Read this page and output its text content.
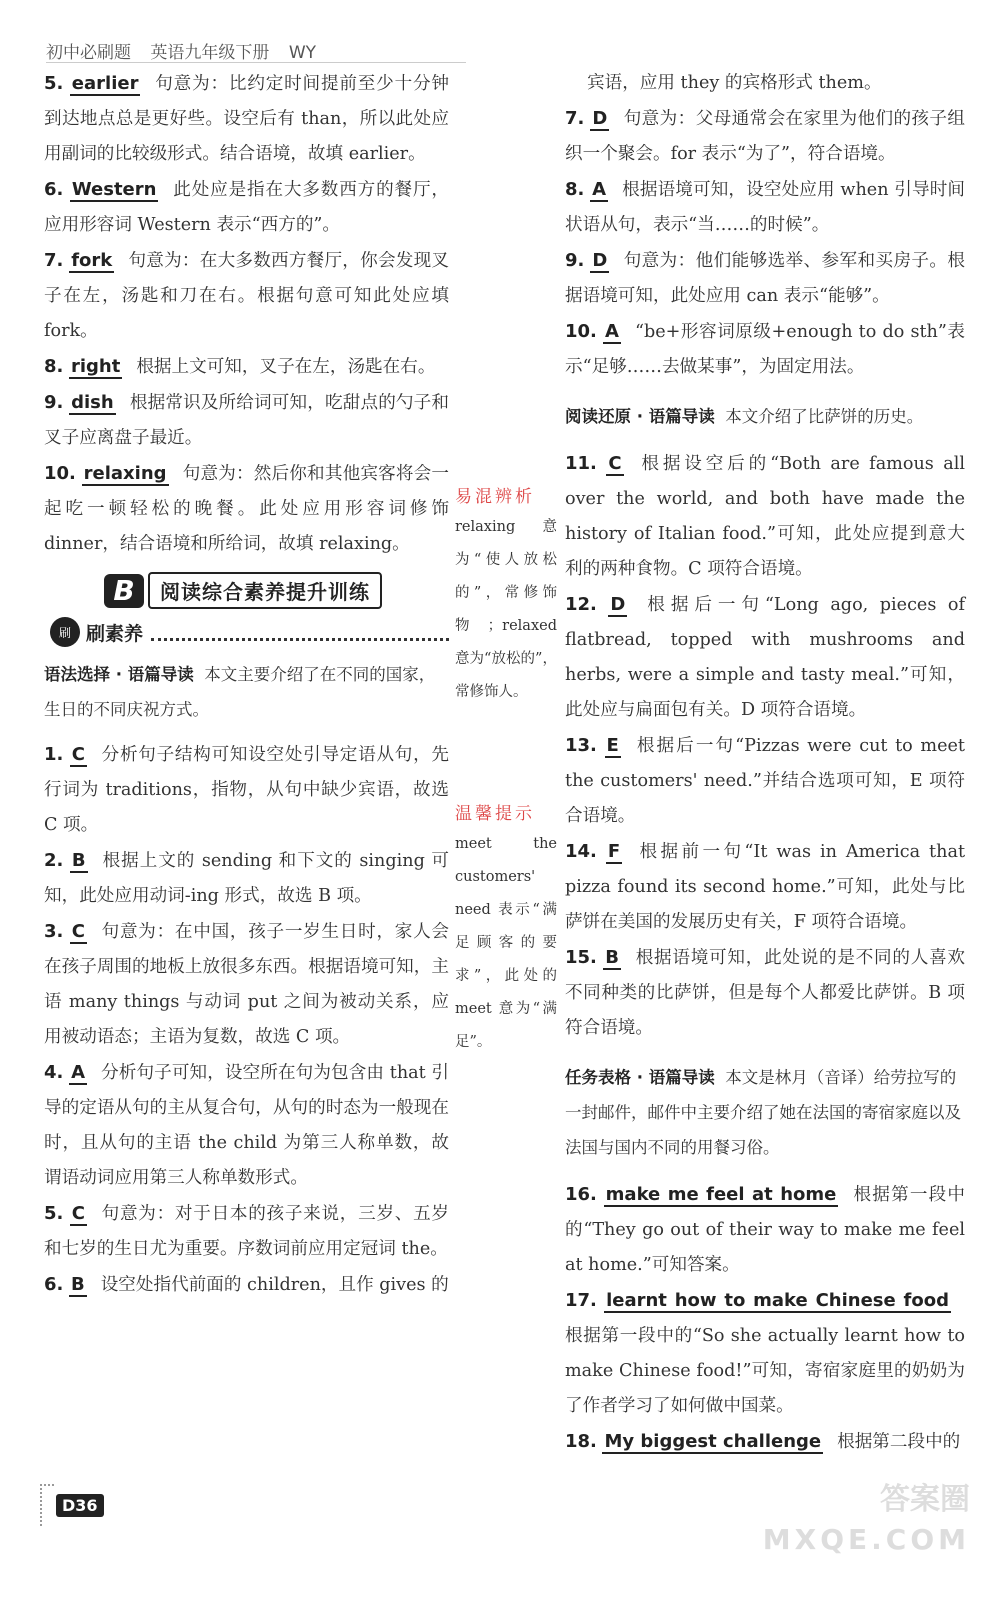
初中必刷题 英语九年级下册 WY
5. earlier 句意为：比约定时间提前至少十分钟到达地点总是更好些。设空后有 than，所以此处应用副词的比较级形式。结合语境，故填 earlier。
6. Western 此处应是指在大多数西方的餐厅，应用形容词 Western 表示“西方的”。
7. fork 句意为：在大多数西方餐厅，你会发现叉子在左，汤匙和刀在右。根据句意可知此处应填 fork。
8. right 根据上文可知，叉子在左，汤匙在右。
9. dish 根据常识及所给词可知，吃甜点的勺子和叉子应离盘子最近。
10. relaxing 句意为：然后你和其他宾客将会一起吃一顿轻松的晚餐。此处应用形容词修饰 dinner，结合语境和所给词，故填 relaxing。
B	阅读综合素养提升训练
刷 刷素养
语法选择 · 语篇导读 本文主要介绍了在不同的国家，生日的不同庆祝方式。
1. C 分析句子结构可知设空处引导定语从句，先行词为 traditions，指物，从句中缺少宾语，故选 C 项。
2. B 根据上文的 sending 和下文的 singing 可知，此处应用动词-ing 形式，故选 B 项。
3. C 句意为：在中国，孩子一岁生日时，家人会在孩子周围的地板上放很多东西。根据语境可知，主语 many things 与动词 put 之间为被动关系，应用被动语态；主语为复数，故选 C 项。
4. A 分析句子可知，设空所在句为包含由 that 引导的定语从句的主从复合句，从句的时态为一般现在时，且从句的主语 the child 为第三人称单数，故谓语动词应用第三人称单数形式。
5. C 句意为：对于日本的孩子来说，三岁、五岁和七岁的生日尤为重要。序数词前应用定冠词 the。
6. B 设空处指代前面的 children，且作 gives 的
易混辨析
relaxing 意为“使人放松的”，常修饰物；relaxed 意为“放松的”，常修饰人。
温馨提示
meet the customers' need 表示“满足顾客的要求”，此处的 meet 意为“满足”。
宾语，应用 they 的宾格形式 them。
7. D 句意为：父母通常会在家里为他们的孩子组织一个聚会。for 表示“为了”，符合语境。
8. A 根据语境可知，设空处应用 when 引导时间状语从句，表示“当……的时候”。
9. D 句意为：他们能够选举、参军和买房子。根据语境可知，此处应用 can 表示“能够”。
10. A “be+形容词原级+enough to do sth”表示“足够……去做某事”，为固定用法。
阅读还原 · 语篇导读 本文介绍了比萨饼的历史。
11. C 根据设空后的“Both are famous all over the world, and both have made the history of Italian food.”可知，此处应提到意大利的两种食物。C 项符合语境。
12. D 根据后一句“Long ago, pieces of flatbread, topped with mushrooms and herbs, were a simple and tasty meal.”可知，此处应与扁面包有关。D 项符合语境。
13. E 根据后一句“Pizzas were cut to meet the customers' need.”并结合选项可知，E 项符合语境。
14. F 根据前一句“It was in America that pizza found its second home.”可知，此处与比萨饼在美国的发展历史有关，F 项符合语境。
15. B 根据语境可知，此处说的是不同的人喜欢不同种类的比萨饼，但是每个人都爱比萨饼。B 项符合语境。
任务表格 · 语篇导读 本文是林月（音译）给劳拉写的一封邮件，邮件中主要介绍了她在法国的寄宿家庭以及法国与国内不同的用餐习俗。
16. make me feel at home 根据第一段中的“They go out of their way to make me feel at home.”可知答案。
17. learnt how to make Chinese food根据第一段中的“So she actually learnt how to make Chinese food!”可知，寄宿家庭里的奶奶为了作者学习了如何做中国菜。
18. My biggest challenge 根据第二段中的
D36	答案圈
MXQE.COM
